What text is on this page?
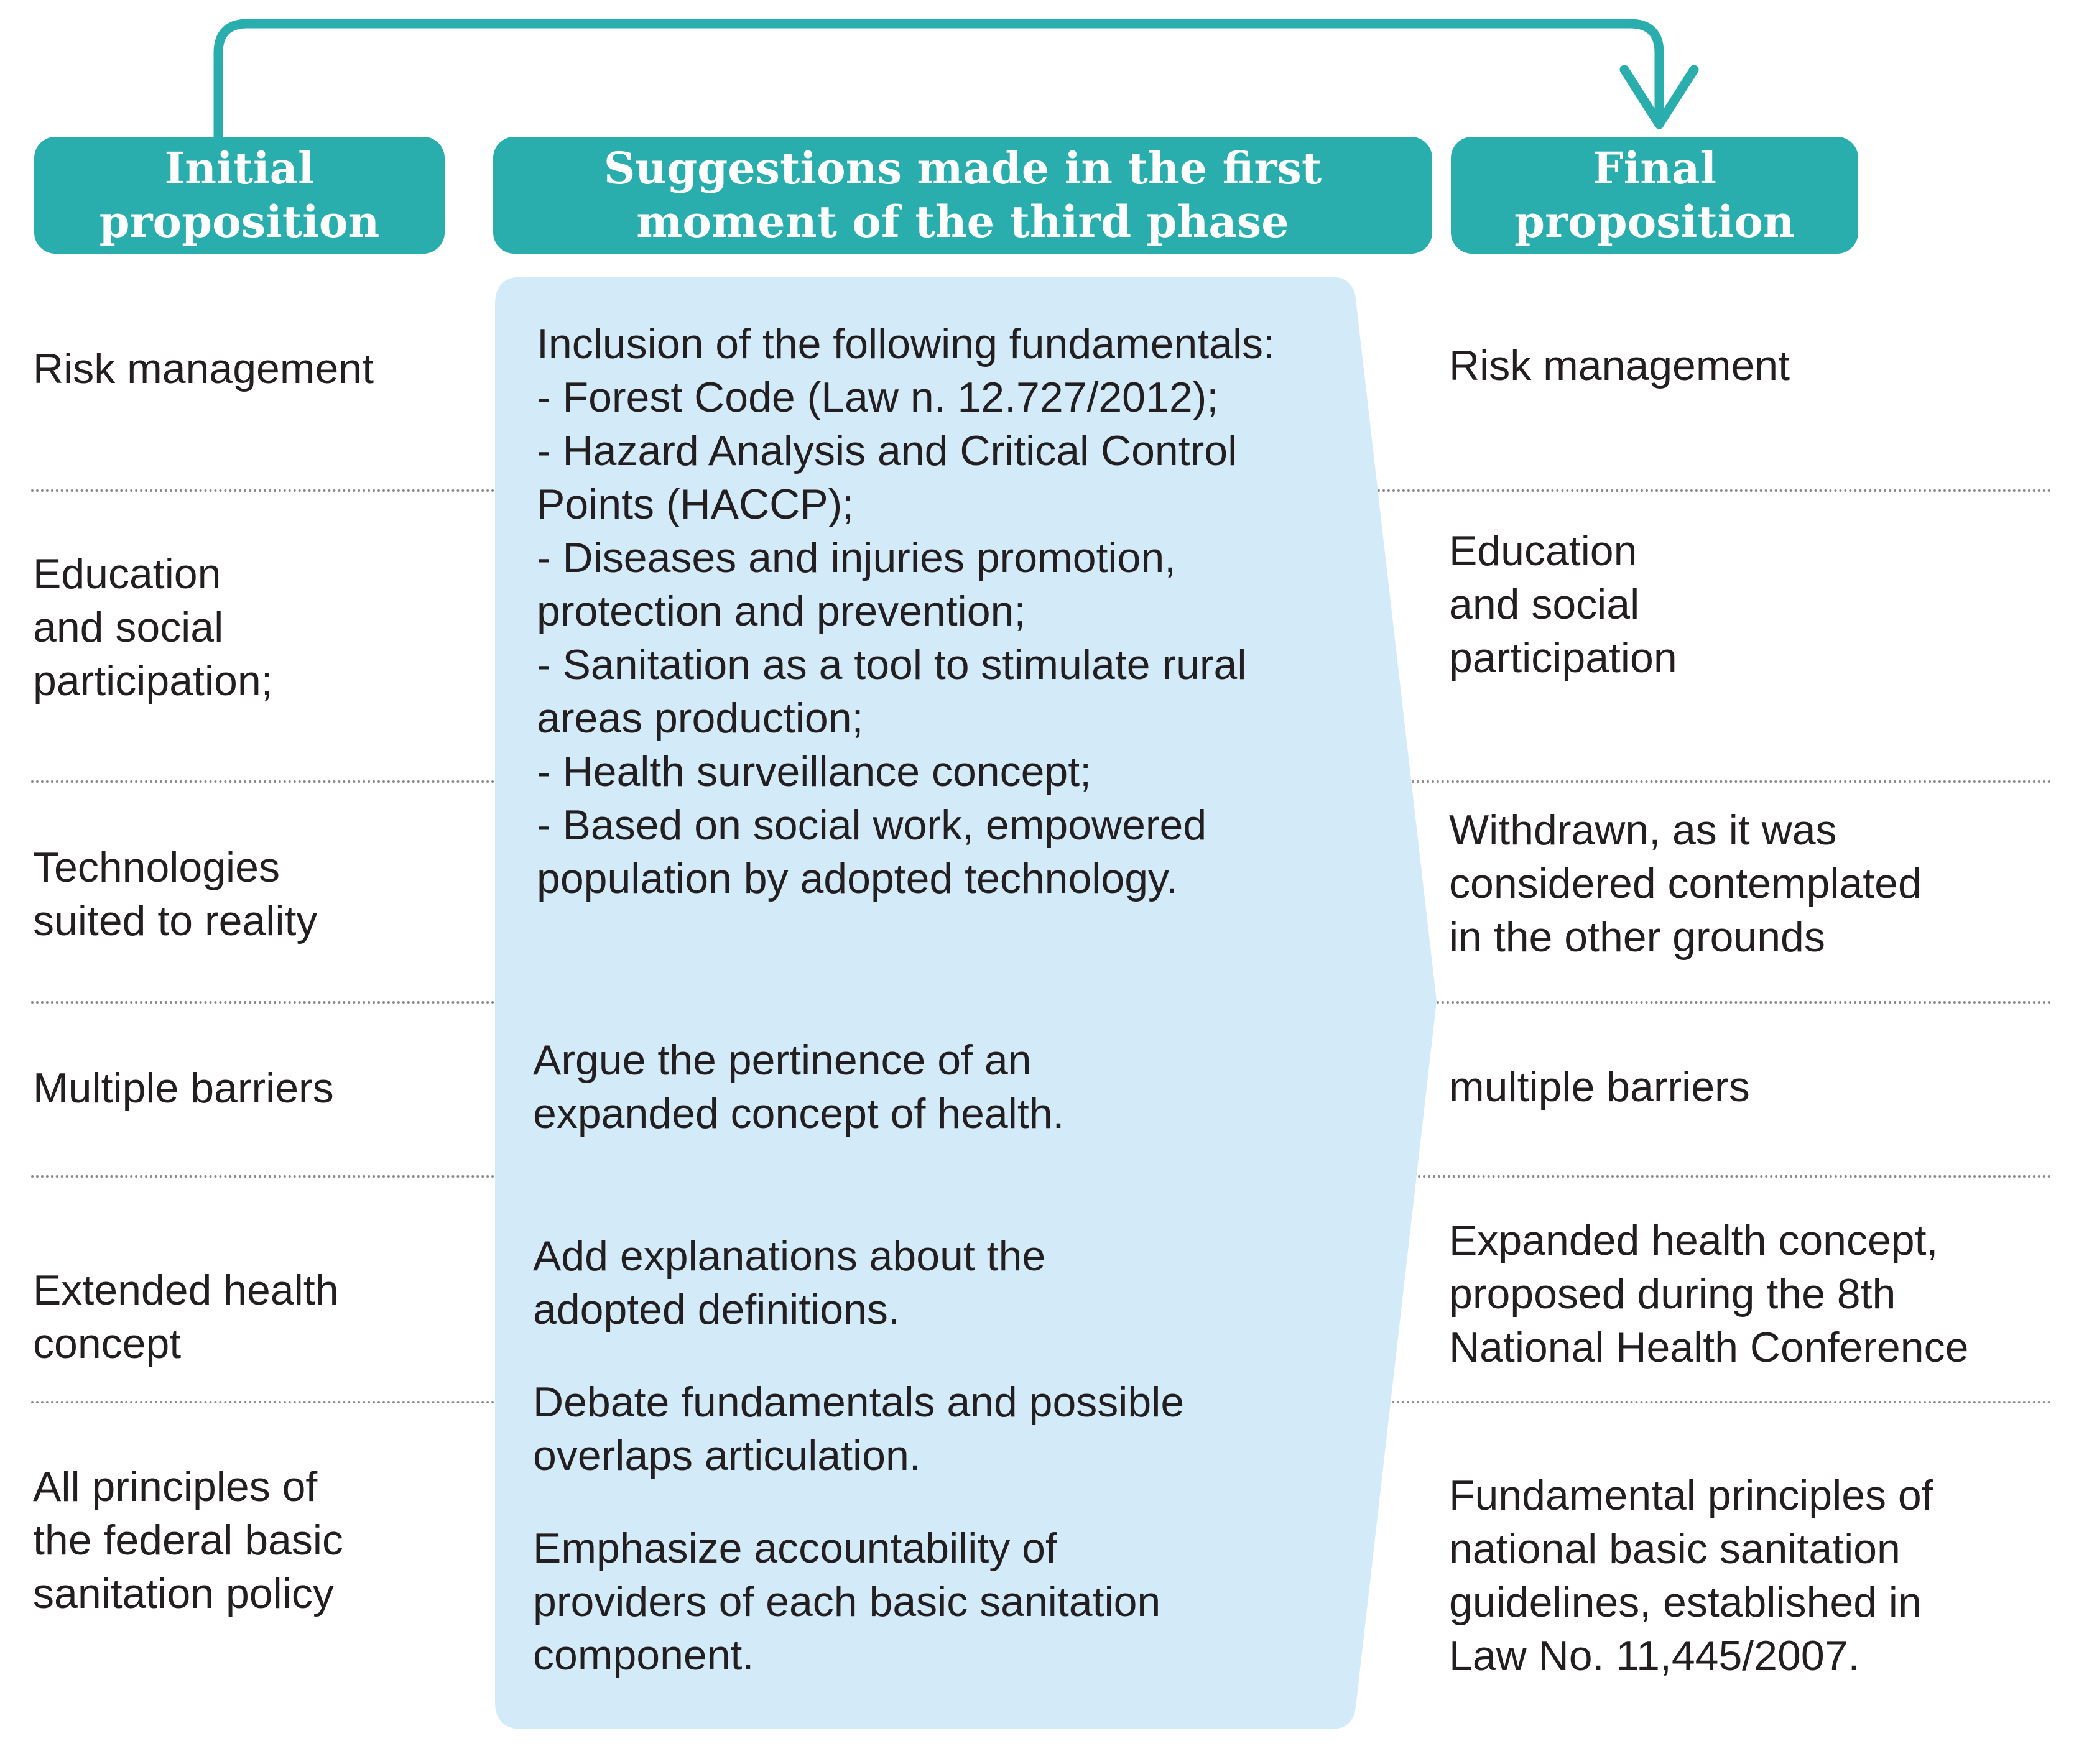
Initial
proposition
Suggestions made in the first
moment of the third phase
Final
proposition
Risk management
Education
and social
participation;
Technologies
suited to reality
Multiple barriers
Extended health
concept
All principles of
the federal basic
sanitation policy
Inclusion of the following fundamentals:
- Forest Code (Law n. 12.727/2012);
- Hazard Analysis and Critical Control
Points (HACCP);
- Diseases and injuries promotion,
protection and prevention;
- Sanitation as a tool to stimulate rural
areas production;
- Health surveillance concept;
- Based on social work, empowered
population by adopted technology.
Argue the pertinence of an
expanded concept of health.
Add explanations about the
adopted definitions.
Debate fundamentals and possible
overlaps articulation.
Emphasize accountability of
providers of each basic sanitation
component.
Risk management
Education
and social
participation
Withdrawn, as it was
considered contemplated
in the other grounds
multiple barriers
Expanded health concept,
proposed during the 8th
National Health Conference
Fundamental principles of
national basic sanitation
guidelines, established in
Law No. 11,445/2007.
